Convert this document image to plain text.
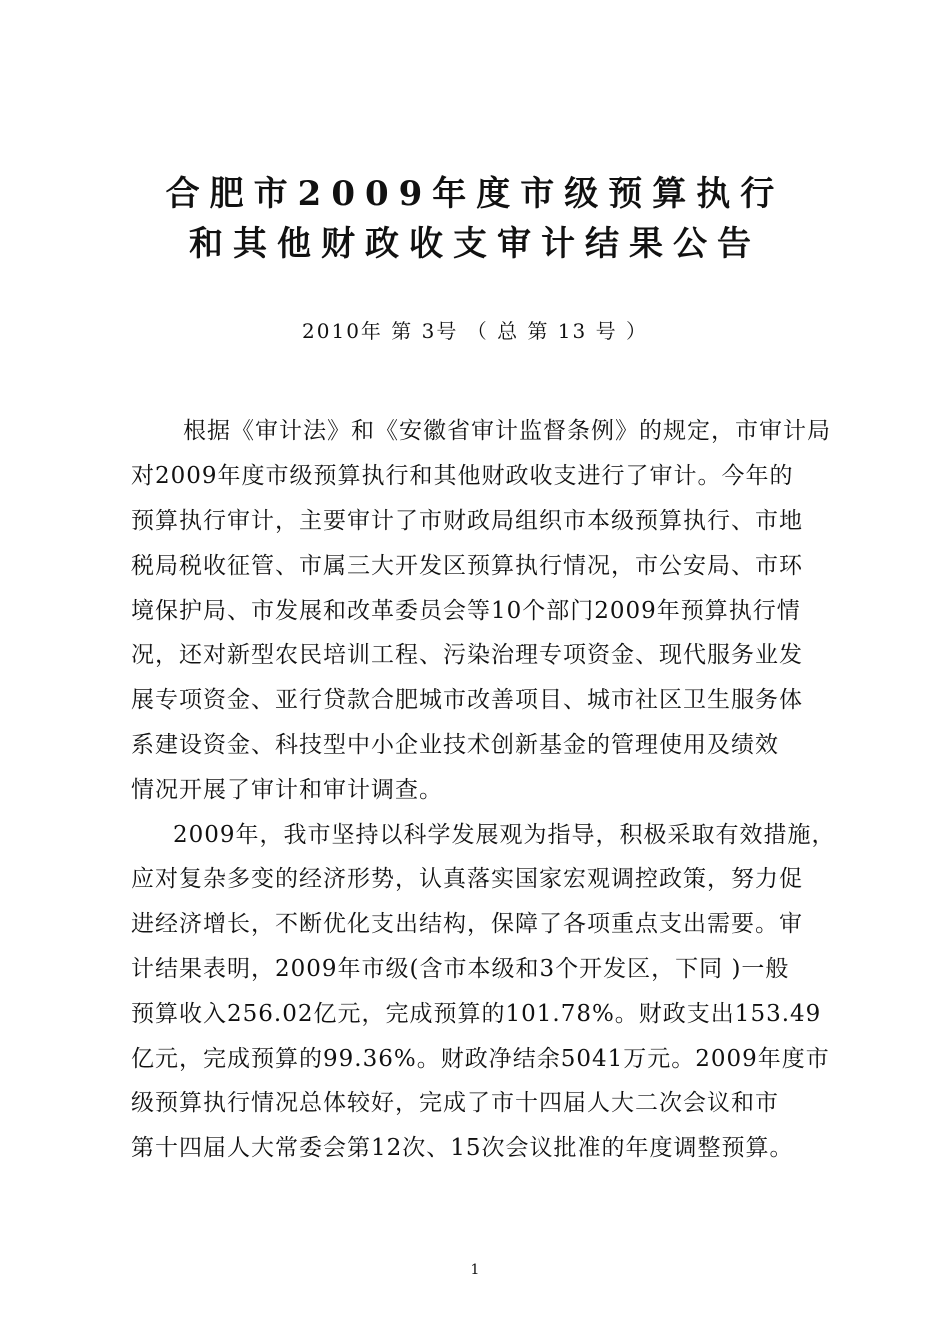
合肥市2009年度市级预算执行
和其他财政收支审计结果公告
2010年 第 3号 （ 总 第 13 号 ）
根据《审计法》和《安徽省审计监督条例》的规定，市审计局
对2009年度市级预算执行和其他财政收支进行了审计。今年的
预算执行审计，主要审计了市财政局组织市本级预算执行、市地
税局税收征管、市属三大开发区预算执行情况，市公安局、市环
境保护局、市发展和改革委员会等10个部门2009年预算执行情
况，还对新型农民培训工程、污染治理专项资金、现代服务业发
展专项资金、亚行贷款合肥城市改善项目、城市社区卫生服务体
系建设资金、科技型中小企业技术创新基金的管理使用及绩效
情况开展了审计和审计调查。
2009年，我市坚持以科学发展观为指导，积极采取有效措施，
应对复杂多变的经济形势，认真落实国家宏观调控政策，努力促
进经济增长，不断优化支出结构，保障了各项重点支出需要。审
计结果表明，2009年市级(含市本级和3个开发区，下同 )一般
预算收入256.02亿元，完成预算的101.78%。财政支出153.49
亿元，完成预算的99.36%。财政净结余5041万元。2009年度市
级预算执行情况总体较好，完成了市十四届人大二次会议和市
第十四届人大常委会第12次、15次会议批准的年度调整预算。
1
